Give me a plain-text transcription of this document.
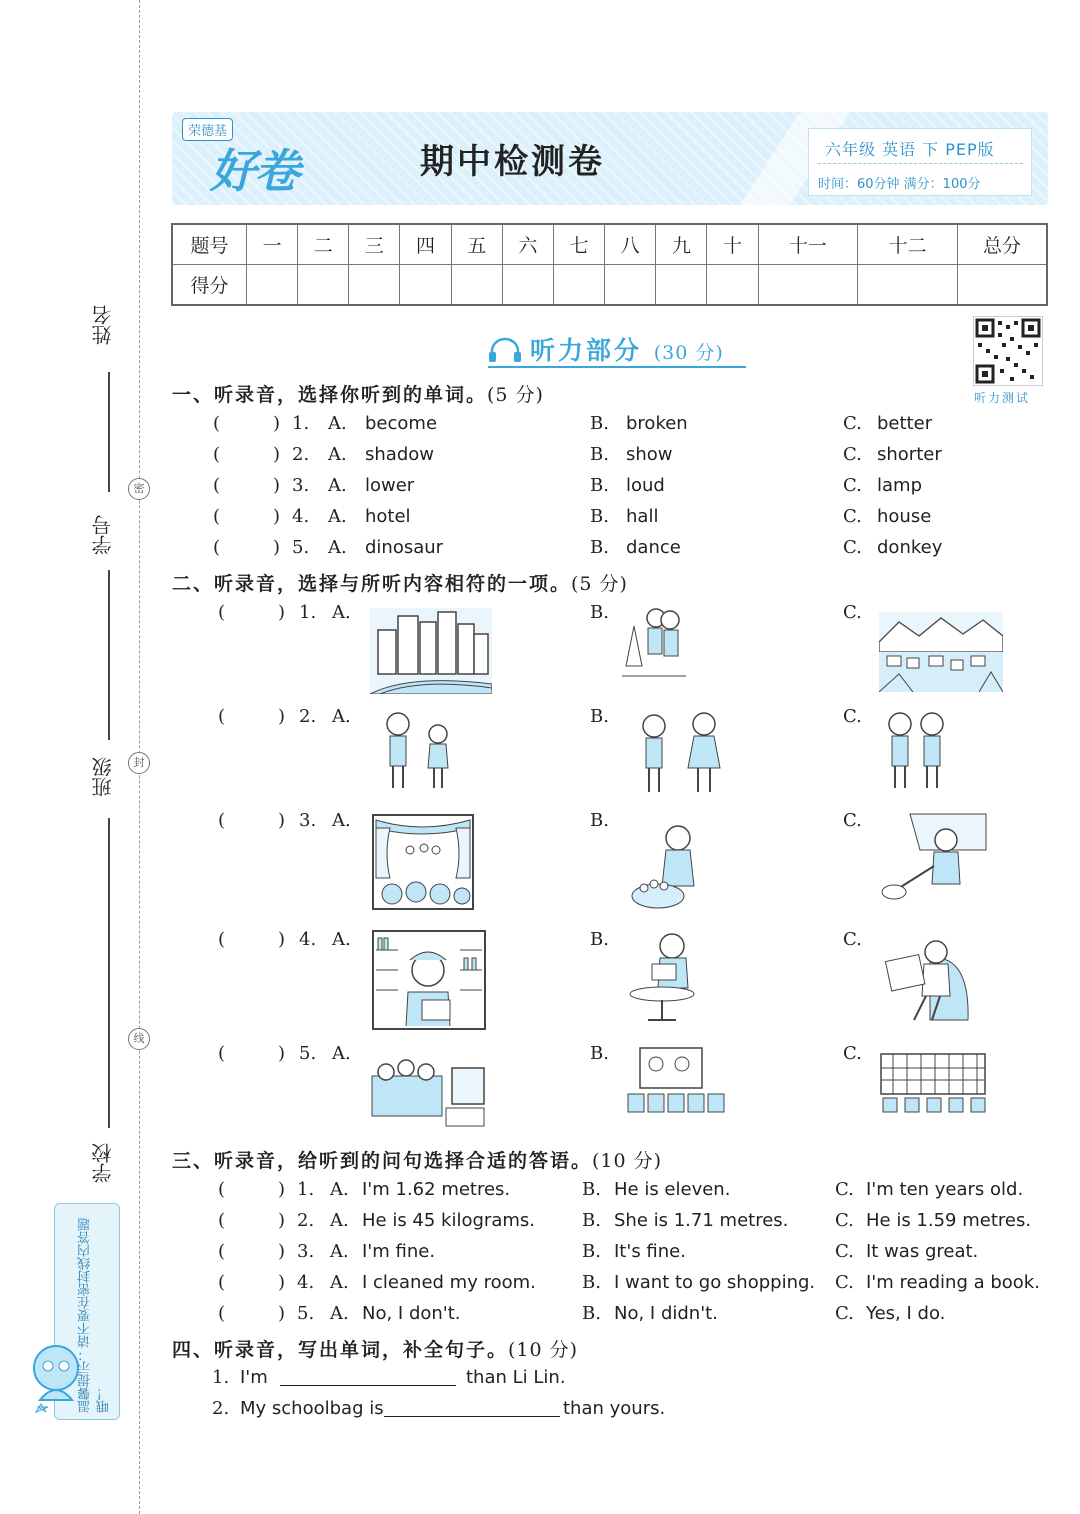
姓名
学号
班级
学校
密
封
线
温馨提示：请不要在密封线内答题哦！
荣德基
好卷	期中检测卷	六年级 英语 下 PEP版
时间：60分钟 满分：100分
题号	一	二	三	四	五	六	七	八	九	十	十一	十二	总分
得分													
听力测试
听力部分 (30 分)
一、听录音，选择你听到的单词。(5 分)
(	) 1. A. become	B. broken	C. better
(	) 2. A. shadow	B. show	C. shorter
(	) 3. A. lower	B. loud	C. lamp
(	) 4. A. hotel	B. hall	C. house
(	) 5. A. dinosaur	B. dance	C. donkey
二、听录音，选择与所听内容相符的一项。(5 分)
(	) 1. A.	B.	C.
(	) 2. A.	B.	C.
(	) 3. A.	B.	C.
(	) 4. A.	B.	C.
(	) 5. A.	B.	C.
三、听录音，给听到的问句选择合适的答语。(10 分)
(	) 1. A. I'm 1.62 metres.	B. He is eleven.	C. I'm ten years old.
(	) 2. A. He is 45 kilograms.	B. She is 1.71 metres.	C. He is 1.59 metres.
(	) 3. A. I'm fine.	B. It's fine.	C. It was great.
(	) 4. A. I cleaned my room.	B. I want to go shopping. C. I'm reading a book.
(	) 5. A. No, I don't.	B. No, I didn't.	C. Yes, I do.
四、听录音，写出单词，补全句子。(10 分)
1. I'm	than Li Lin.
2. My schoolbag is	than yours.
